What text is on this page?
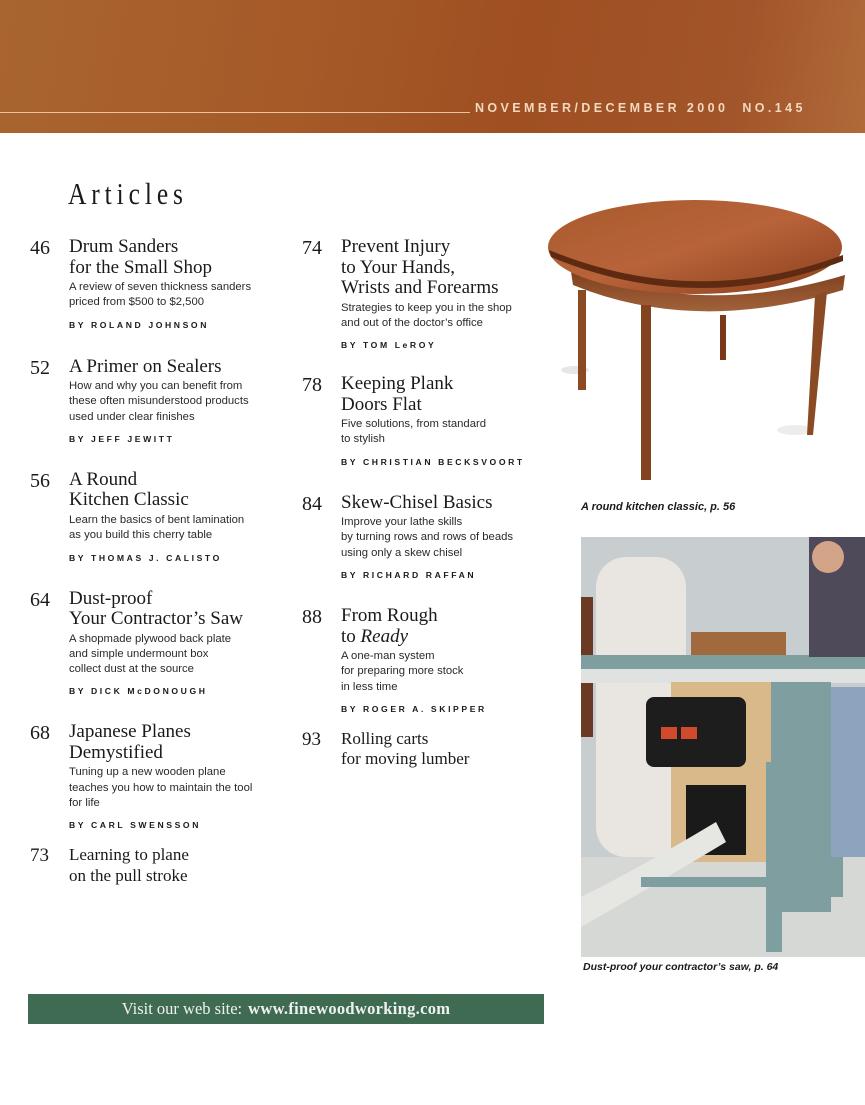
NOVEMBER/DECEMBER 2000 NO.145
Articles
46 Drum Sanders
for the Small Shop
A review of seven thickness sanders
priced from $500 to $2,500
BY ROLAND JOHNSON
52 A Primer on Sealers
How and why you can benefit from
these often misunderstood products
used under clear finishes
BY JEFF JEWITT
56 A Round
Kitchen Classic
Learn the basics of bent lamination
as you build this cherry table
BY THOMAS J. CALISTO
64 Dust-proof
Your Contractor’s Saw
A shopmade plywood back plate
and simple undermount box
collect dust at the source
BY DICK McDONOUGH
68 Japanese Planes
Demystified
Tuning up a new wooden plane
teaches you how to maintain the tool
for life
BY CARL SWENSSON
73 Learning to plane
on the pull stroke
74 Prevent Injury
to Your Hands,
Wrists and Forearms
Strategies to keep you in the shop
and out of the doctor’s office
BY TOM LeROY
78 Keeping Plank
Doors Flat
Five solutions, from standard
to stylish
BY CHRISTIAN BECKSVOORT
84 Skew-Chisel Basics
Improve your lathe skills
by turning rows and rows of beads
using only a skew chisel
BY RICHARD RAFFAN
88 From Rough
to Ready
A one-man system
for preparing more stock
in less time
BY ROGER A. SKIPPER
93 Rolling carts
for moving lumber
A round kitchen classic, p. 56
Dust-proof your contractor’s saw, p. 64
Visit our web site: www.finewoodworking.com
